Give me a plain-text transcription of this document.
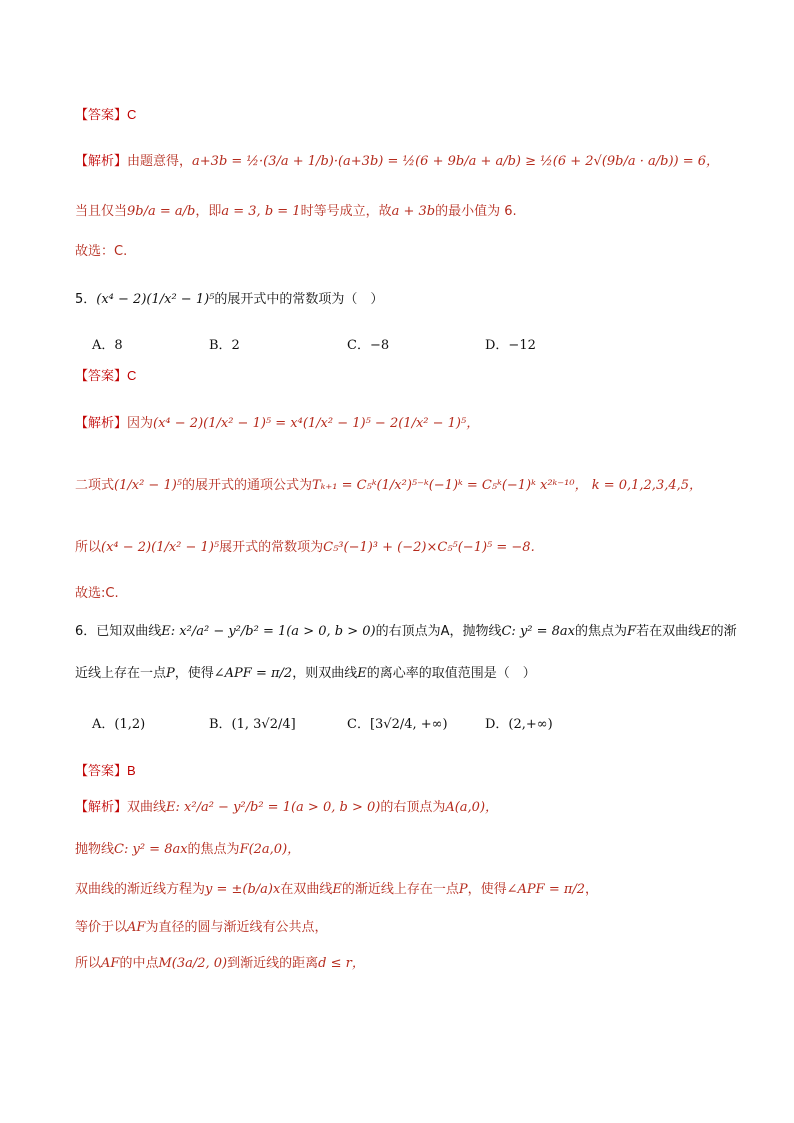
【答案】C
【解析】由题意得，a+3b = ½·(3/a + 1/b)·(a+3b) = ½(6 + 9b/a + a/b) ≥ ½(6 + 2√(9b/a · a/b)) = 6，
当且仅当9b/a = a/b，即a = 3, b = 1时等号成立，故a + 3b的最小值为 6.
故选：C.
5．(x⁴ − 2)(1/x² − 1)⁵的展开式中的常数项为（　）
A．8	B．2	C．−8	D．−12
【答案】C
【解析】因为(x⁴ − 2)(1/x² − 1)⁵ = x⁴(1/x² − 1)⁵ − 2(1/x² − 1)⁵，
二项式(1/x² − 1)⁵的展开式的通项公式为Tₖ₊₁ = C₅ᵏ(1/x²)⁵⁻ᵏ(−1)ᵏ = C₅ᵏ(−1)ᵏ x²ᵏ⁻¹⁰， k = 0,1,2,3,4,5，
所以(x⁴ − 2)(1/x² − 1)⁵展开式的常数项为C₅³(−1)³ + (−2)×C₅⁵(−1)⁵ = −8.
故选:C.
6．已知双曲线E: x²/a² − y²/b² = 1(a > 0, b > 0)的右顶点为A，抛物线C: y² = 8ax的焦点为F若在双曲线E的渐
近线上存在一点P，使得∠APF = π/2，则双曲线E的离心率的取值范围是（　）
A．(1,2)	B．(1, 3√2/4]	C．[3√2/4, +∞)	D．(2,+∞)
【答案】B
【解析】双曲线E: x²/a² − y²/b² = 1(a > 0, b > 0)的右顶点为A(a,0)，
抛物线C: y² = 8ax的焦点为F(2a,0)，
双曲线的渐近线方程为y = ±(b/a)x在双曲线E的渐近线上存在一点P，使得∠APF = π/2，
等价于以AF为直径的圆与渐近线有公共点，
所以AF的中点M(3a/2, 0)到渐近线的距离d ≤ r，
